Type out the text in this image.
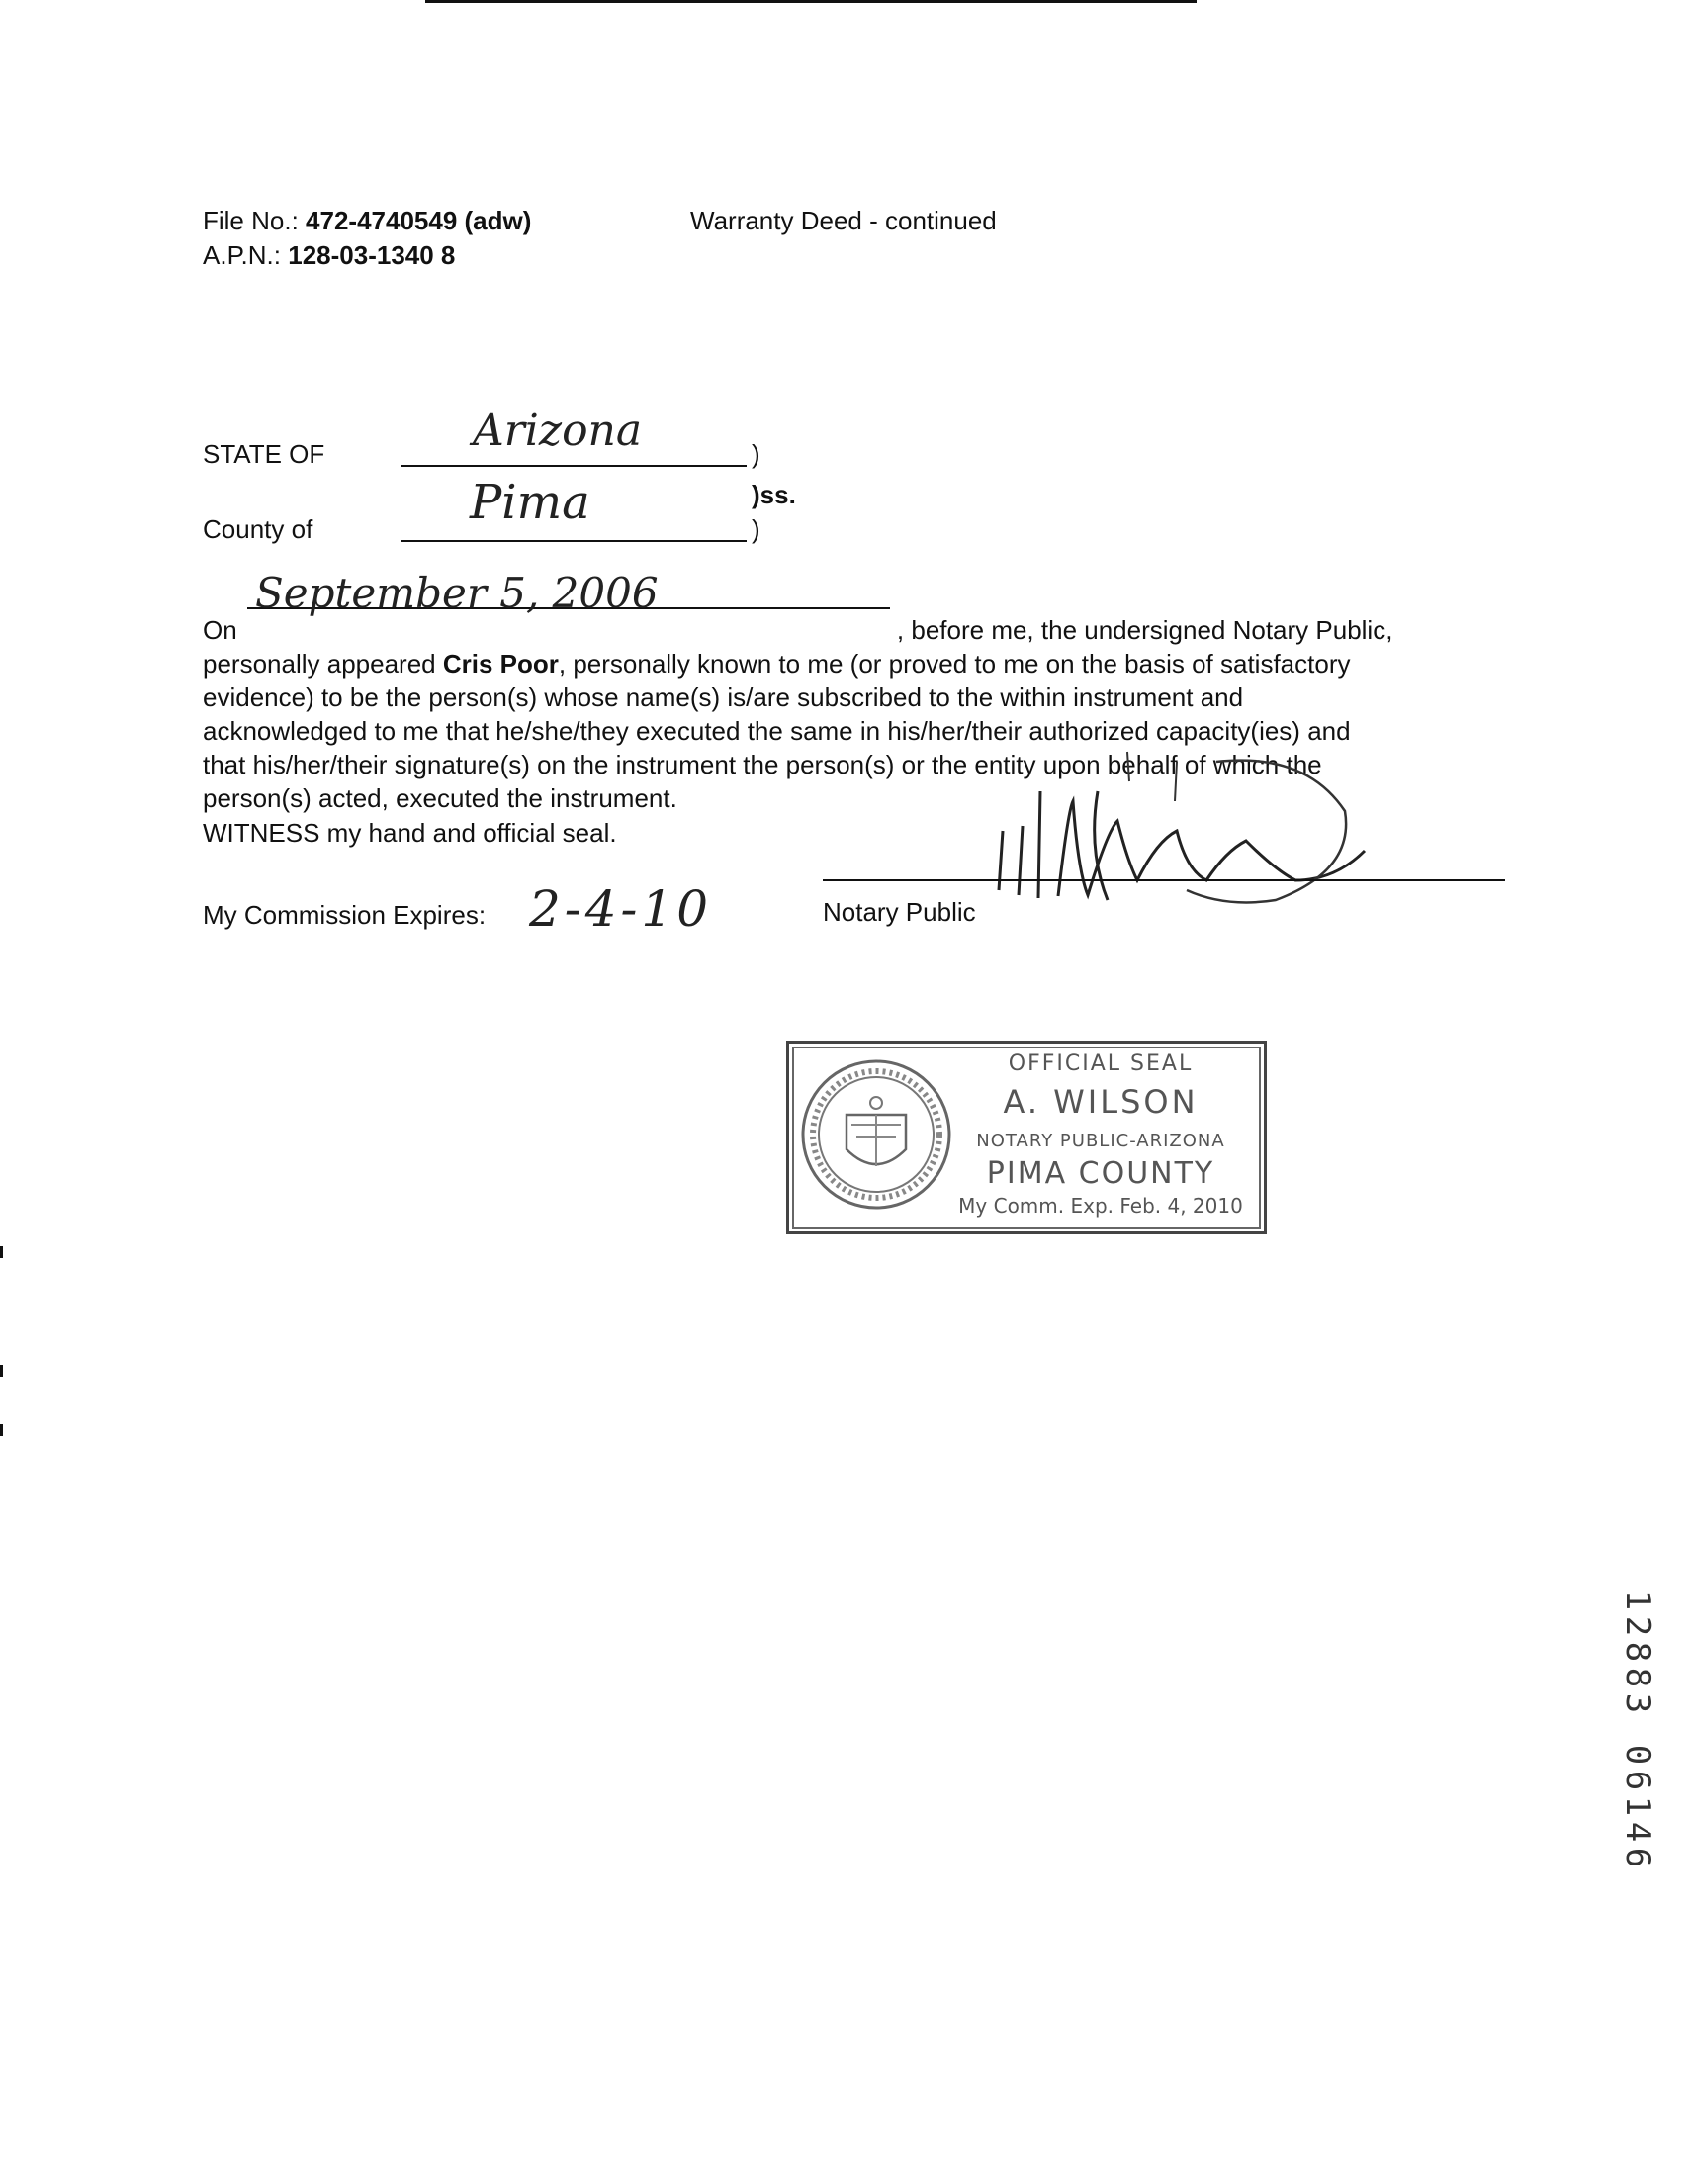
File No.: 472-4740549 (adw)
A.P.N.: 128-03-1340 8
Warranty Deed - continued
STATE OF	Arizona	)
)ss.
County of	Pima	)

On	, before me, the undersigned Notary Public,

personally appeared Cris Poor, personally known to me (or proved to me on the basis of satisfactory

evidence) to be the person(s) whose name(s) is/are subscribed to the within instrument and

acknowledged to me that he/she/they executed the same in his/her/their authorized capacity(ies) and

that his/her/their signature(s) on the instrument the person(s) or the entity upon behalf of which the

person(s) acted, executed the instrument.

September 5, 2006
WITNESS my hand and official seal.
Notary Public
My Commission Expires: 2-4-10
OFFICIAL SEAL
A. WILSON
NOTARY PUBLIC-ARIZONA
PIMA COUNTY
My Comm. Exp. Feb. 4, 2010
1
2
8
8
3
0
6
1
4
6
12883
06146
